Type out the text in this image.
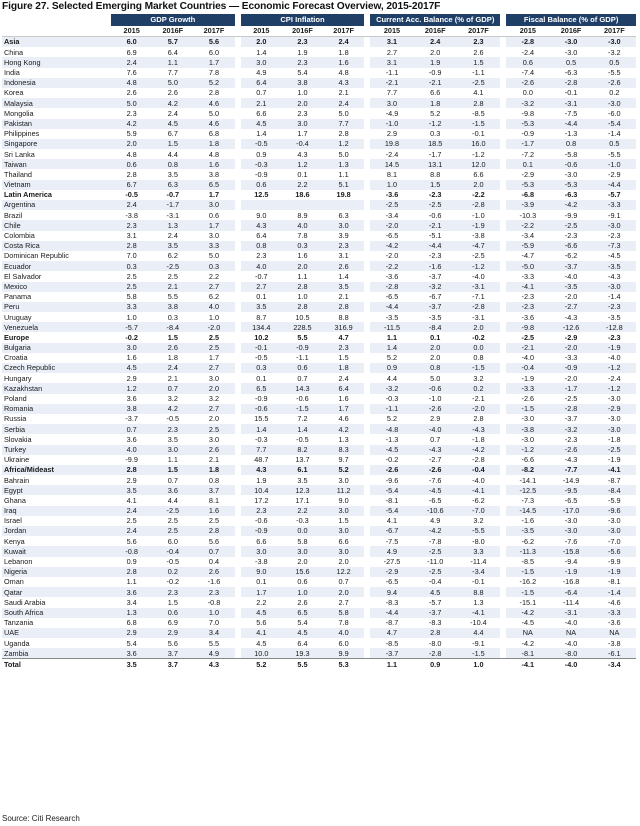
Figure 27. Selected Emerging Market Countries — Economic Forecast Overview, 2015-2017F
	GDP Growth				CPI Inflation				Current Acc. Balance (% of GDP)				Fiscal Balance (% of GDP)		
	2015	2016F	2017F		2015	2016F	2017F		2015	2016F	2017F		2015	2016F	2017F
Asia	6.0	5.7	5.6		2.0	2.3	2.4		3.1	2.4	2.3		-2.8	-3.0	-3.0
China	6.9	6.4	6.0		1.4	1.9	1.8		2.7	2.0	2.6		-2.4	-3.0	-3.2
Hong Kong	2.4	1.1	1.7		3.0	2.3	1.6		3.1	1.9	1.5		0.6	0.5	0.5
India	7.6	7.7	7.8		4.9	5.4	4.8		-1.1	-0.9	-1.1		-7.4	-6.3	-5.5
Indonesia	4.8	5.0	5.2		6.4	3.8	4.3		-2.1	-2.1	-2.5		-2.6	-2.8	-2.6
Korea	2.6	2.6	2.8		0.7	1.0	2.1		7.7	6.6	4.1		0.0	-0.1	0.2
Malaysia	5.0	4.2	4.6		2.1	2.0	2.4		3.0	1.8	2.8		-3.2	-3.1	-3.0
Mongolia	2.3	2.4	5.0		6.6	2.3	5.0		-4.9	5.2	-8.5		-9.8	-7.5	-6.0
Pakistan	4.2	4.5	4.6		4.5	3.0	7.7		-1.0	-1.2	-1.5		-5.3	-4.4	-5.4
Philippines	5.9	6.7	6.8		1.4	1.7	2.8		2.9	0.3	-0.1		-0.9	-1.3	-1.4
Singapore	2.0	1.5	1.8		-0.5	-0.4	1.2		19.8	18.5	16.0		-1.7	0.8	0.5
Sri Lanka	4.8	4.4	4.8		0.9	4.3	5.0		-2.4	-1.7	-1.2		-7.2	-5.8	-5.5
Taiwan	0.6	0.8	1.6		-0.3	1.2	1.3		14.5	13.1	12.0		0.1	-0.6	-1.0
Thailand	2.8	3.5	3.8		-0.9	0.1	1.1		8.1	8.8	6.6		-2.9	-3.0	-2.9
Vietnam	6.7	6.3	6.5		0.6	2.2	5.1		1.0	1.5	2.0		-5.3	-5.3	-4.4
Latin America	-0.5	-0.7	1.7		12.5	18.6	19.8		-3.6	-2.3	-2.2		-6.8	-6.3	-5.7
Argentina	2.4	-1.7	3.0						-2.5	-2.5	-2.8		-3.9	-4.2	-3.3
Brazil	-3.8	-3.1	0.6		9.0	8.9	6.3		-3.4	-0.6	-1.0		-10.3	-9.9	-9.1
Chile	2.3	1.3	1.7		4.3	4.0	3.0		-2.0	-2.1	-1.9		-2.2	-2.5	-3.0
Colombia	3.1	2.4	3.0		6.4	7.8	3.9		-6.5	-5.1	-3.8		-3.4	-2.3	-2.3
Costa Rica	2.8	3.5	3.3		0.8	0.3	2.3		-4.2	-4.4	-4.7		-5.9	-6.6	-7.3
Dominican Republic	7.0	6.2	5.0		2.3	1.6	3.1		-2.0	-2.3	-2.5		-4.7	-6.2	-4.5
Ecuador	0.3	-2.5	0.3		4.0	2.0	2.6		-2.2	-1.6	-1.2		-5.0	-3.7	-3.5
El Salvador	2.5	2.5	2.2		-0.7	1.1	1.4		-3.6	-3.7	-4.0		-3.3	-4.0	-4.3
Mexico	2.5	2.1	2.7		2.7	2.8	3.5		-2.8	-3.2	-3.1		-4.1	-3.5	-3.0
Panama	5.8	5.5	6.2		0.1	1.0	2.1		-6.5	-6.7	-7.1		-2.3	-2.0	-1.4
Peru	3.3	3.8	4.0		3.5	2.8	2.8		-4.4	-3.7	-2.8		-2.3	-2.7	-2.3
Uruguay	1.0	0.3	1.0		8.7	10.5	8.8		-3.5	-3.5	-3.1		-3.6	-4.3	-3.5
Venezuela	-5.7	-8.4	-2.0		134.4	228.5	316.9		-11.5	-8.4	2.0		-9.8	-12.6	-12.8
Europe	-0.2	1.5	2.5		10.2	5.5	4.7		1.1	0.1	-0.2		-2.5	-2.9	-2.3
Bulgaria	3.0	2.6	2.5		-0.1	-0.9	2.3		1.4	2.0	0.0		-2.1	-2.0	-1.9
Croatia	1.6	1.8	1.7		-0.5	-1.1	1.5		5.2	2.0	0.8		-4.0	-3.3	-4.0
Czech Republic	4.5	2.4	2.7		0.3	0.6	1.8		0.9	0.8	-1.5		-0.4	-0.9	-1.2
Hungary	2.9	2.1	3.0		0.1	0.7	2.4		4.4	5.0	3.2		-1.9	-2.0	-2.4
Kazakhstan	1.2	0.7	2.0		6.5	14.3	6.4		-3.2	-0.6	0.2		-3.3	-1.7	-1.2
Poland	3.6	3.2	3.2		-0.9	-0.6	1.6		-0.3	-1.0	-2.1		-2.6	-2.5	-3.0
Romania	3.8	4.2	2.7		-0.6	-1.5	1.7		-1.1	-2.6	-2.0		-1.5	-2.8	-2.9
Russia	-3.7	-0.5	2.0		15.5	7.2	4.6		5.2	2.9	2.8		-3.0	-3.7	-3.0
Serbia	0.7	2.3	2.5		1.4	1.4	4.2		-4.8	-4.0	-4.3		-3.8	-3.2	-3.0
Slovakia	3.6	3.5	3.0		-0.3	-0.5	1.3		-1.3	0.7	-1.8		-3.0	-2.3	-1.8
Turkey	4.0	3.0	2.6		7.7	8.2	8.3		-4.5	-4.3	-4.2		-1.2	-2.6	-2.5
Ukraine	-9.9	1.1	2.1		48.7	13.7	9.7		-0.2	-2.7	-2.8		-6.6	-4.3	-1.9
Africa/Mideast	2.8	1.5	1.8		4.3	6.1	5.2		-2.6	-2.6	-0.4		-8.2	-7.7	-4.1
Bahrain	2.9	0.7	0.8		1.9	3.5	3.0		-9.6	-7.6	-4.0		-14.1	-14.9	-8.7
Egypt	3.5	3.6	3.7		10.4	12.3	11.2		-5.4	-4.5	-4.1		-12.5	-9.5	-8.4
Ghana	4.1	4.4	8.1		17.2	17.1	9.0		-8.1	-6.5	-6.2		-7.3	-6.5	-5.9
Iraq	2.4	-2.5	1.6		2.3	2.2	3.0		-5.4	-10.6	-7.0		-14.5	-17.0	-9.6
Israel	2.5	2.5	2.5		-0.6	-0.3	1.5		4.1	4.9	3.2		-1.6	-3.0	-3.0
Jordan	2.4	2.5	2.8		-0.9	0.0	3.0		-6.7	-4.2	-5.5		-3.5	-3.0	-3.0
Kenya	5.6	6.0	5.6		6.6	5.8	6.6		-7.5	-7.8	-8.0		-6.2	-7.6	-7.0
Kuwait	-0.8	-0.4	0.7		3.0	3.0	3.0		4.9	-2.5	3.3		-11.3	-15.8	-5.6
Lebanon	0.9	-0.5	0.4		-3.8	2.0	2.0		-27.5	-11.0	-11.4		-8.5	-9.4	-9.9
Nigeria	2.8	0.2	2.6		9.0	15.6	12.2		-2.9	-2.5	-3.4		-1.5	-1.9	-1.9
Oman	1.1	-0.2	-1.6		0.1	0.6	0.7		-6.5	-0.4	-0.1		-16.2	-16.8	-8.1
Qatar	3.6	2.3	2.3		1.7	1.0	2.0		9.4	4.5	8.8		-1.5	-6.4	-1.4
Saudi Arabia	3.4	1.5	-0.8		2.2	2.6	2.7		-8.3	-5.7	1.3		-15.1	-11.4	-4.6
South Africa	1.3	0.6	1.0		4.5	6.5	5.8		-4.4	-3.7	-4.1		-4.2	-3.1	-3.3
Tanzania	6.8	6.9	7.0		5.6	5.4	7.8		-8.7	-8.3	-10.4		-4.5	-4.0	-3.6
UAE	2.9	2.9	3.4		4.1	4.5	4.0		4.7	2.8	4.4		NA	NA	NA
Uganda	5.4	5.6	5.5		4.5	6.4	6.0		-8.5	-8.0	-9.1		-4.2	-4.0	-3.8
Zambia	3.6	3.7	4.9		10.0	19.3	9.9		-3.7	-2.8	-1.5		-8.1	-8.0	-6.1
Total	3.5	3.7	4.3		5.2	5.5	5.3		1.1	0.9	1.0		-4.1	-4.0	-3.4
Source: Citi Research
